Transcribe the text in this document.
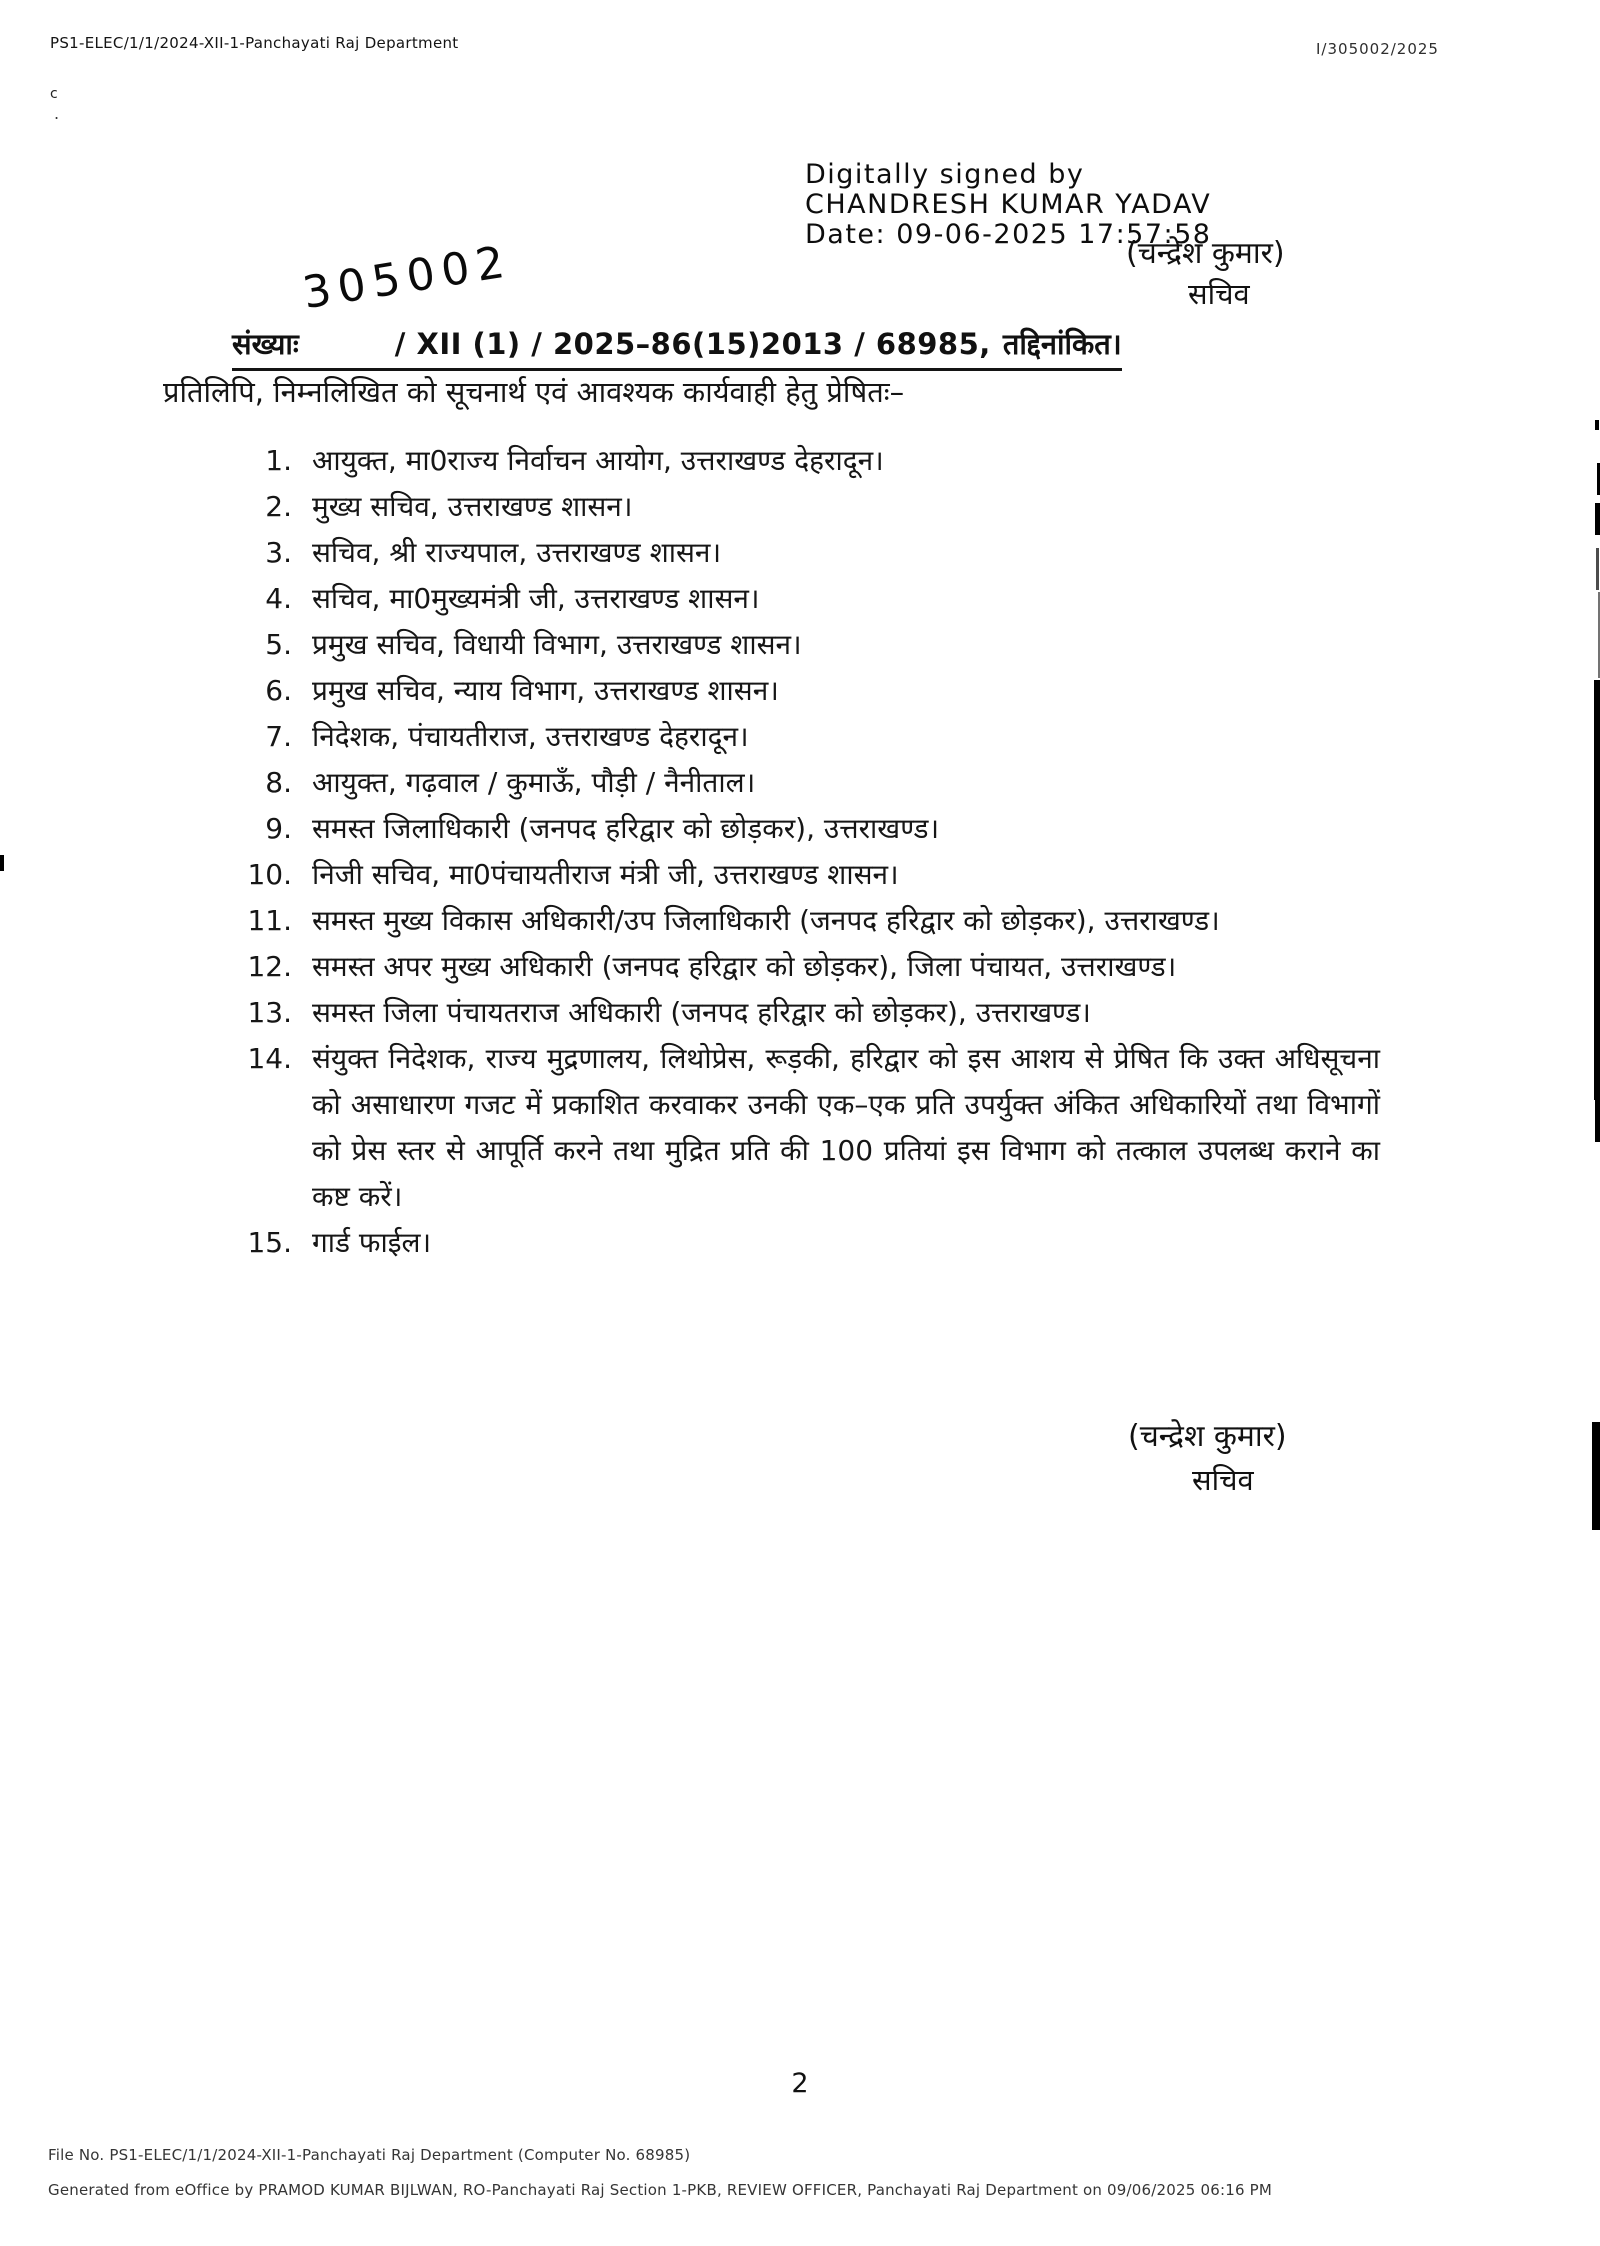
PS1-ELEC/1/1/2024-XII-1-Panchayati Raj Department	I/305002/2025
c
.
Digitally signed by
CHANDRESH KUMAR YADAV
Date: 09-06-2025 17:57:58
(चन्द्रेश कुमार)
सचिव
305002
संख्याः	/ XII (1) / 2025–86(15)2013 / 68985, तद्दिनांकित।
प्रतिलिपि, निम्नलिखित को सूचनार्थ एवं आवश्यक कार्यवाही हेतु प्रेषितः–
1. आयुक्त, मा0राज्य निर्वाचन आयोग, उत्तराखण्ड देहरादून।
2. मुख्य सचिव, उत्तराखण्ड शासन।
3. सचिव, श्री राज्यपाल, उत्तराखण्ड शासन।
4. सचिव, मा0मुख्यमंत्री जी, उत्तराखण्ड शासन।
5. प्रमुख सचिव, विधायी विभाग, उत्तराखण्ड शासन।
6. प्रमुख सचिव, न्याय विभाग, उत्तराखण्ड शासन।
7. निदेशक, पंचायतीराज, उत्तराखण्ड देहरादून।
8. आयुक्त, गढ़वाल / कुमाऊँ, पौड़ी / नैनीताल।
9. समस्त जिलाधिकारी (जनपद हरिद्वार को छोड़कर), उत्तराखण्ड।
10. निजी सचिव, मा0पंचायतीराज मंत्री जी, उत्तराखण्ड शासन।
11. समस्त मुख्य विकास अधिकारी/उप जिलाधिकारी (जनपद हरिद्वार को छोड़कर), उत्तराखण्ड।
12. समस्त अपर मुख्य अधिकारी (जनपद हरिद्वार को छोड़कर), जिला पंचायत, उत्तराखण्ड।
13. समस्त जिला पंचायतराज अधिकारी (जनपद हरिद्वार को छोड़कर), उत्तराखण्ड।
14. संयुक्त निदेशक, राज्य मुद्रणालय, लिथोप्रेस, रूड़की, हरिद्वार को इस आशय से प्रेषित कि उक्त अधिसूचना को असाधारण गजट में प्रकाशित करवाकर उनकी एक–एक प्रति उपर्युक्त अंकित अधिकारियों तथा विभागों को प्रेस स्तर से आपूर्ति करने तथा मुद्रित प्रति की 100 प्रतियां इस विभाग को तत्काल उपलब्ध कराने का कष्ट करें।
15. गार्ड फाईल।
(चन्द्रेश कुमार)
सचिव
2
File No. PS1-ELEC/1/1/2024-XII-1-Panchayati Raj Department (Computer No. 68985)
Generated from eOffice by PRAMOD KUMAR BIJLWAN, RO-Panchayati Raj Section 1-PKB, REVIEW OFFICER, Panchayati Raj Department on 09/06/2025 06:16 PM
